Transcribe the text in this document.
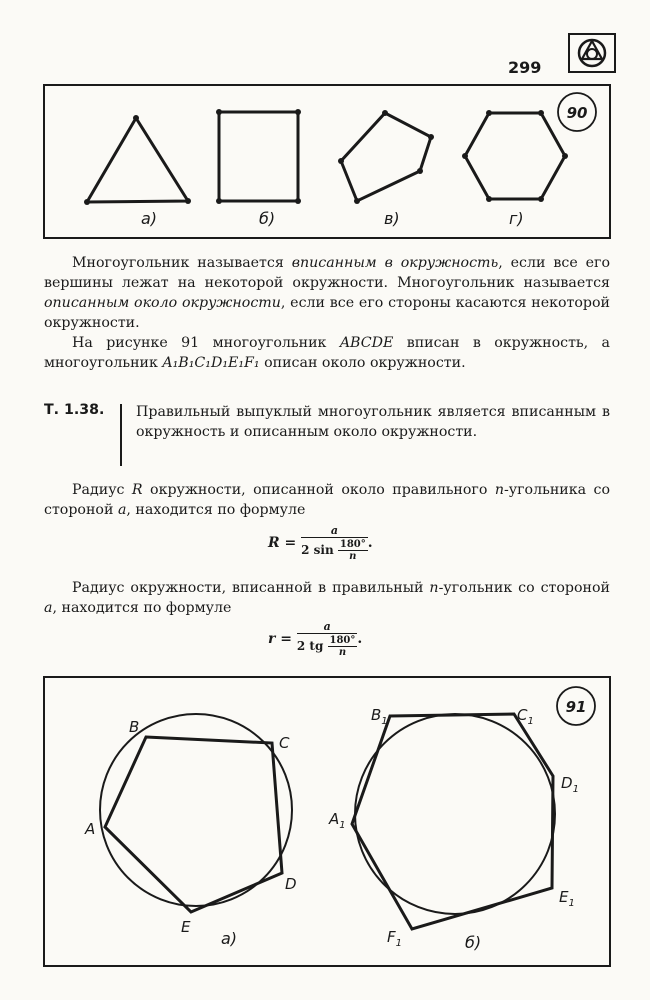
299
90
а)	б)	в)	г)

Многоугольник называется вписанным в окружность, если все его вершины лежат на некоторой окружности. Многоугольник называется описанным около окружности, если все его стороны касаются некоторой окружности.

На рисунке 91 многоугольник ABCDE вписан в окружность, а многоугольник A₁B₁C₁D₁E₁F₁ описан около окружности.

Т. 1.38. Правильный выпуклый многоугольник является вписанным в окружность и описанным около окружности.

Радиус R окружности, описанной около правильного n-угольника со стороной a, находится по формуле

$R = \frac{a}{2 \sin \frac{180^\circ}{n}}$ .

Радиус окружности, вписанной в правильный n-угольник со стороной a, находится по формуле

$r = \frac{a}{2 tg \frac{180^\circ}{n}}$ .
91
B
C
D
E
A
а)
$B_1$	$C_1$
$D_1$
$E_1$
$F_1$
$A_1$
б)
